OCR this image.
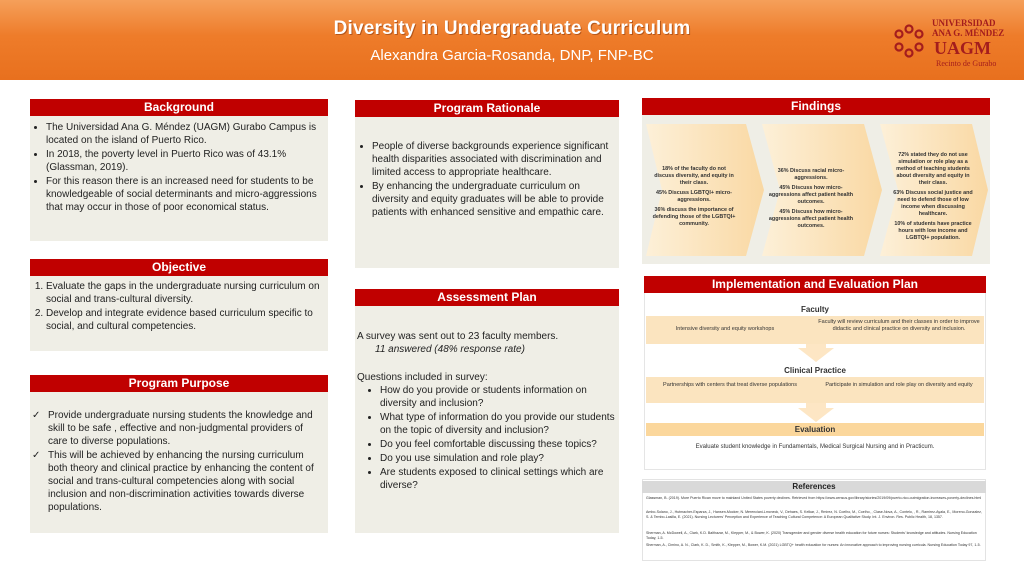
Diversity in Undergraduate Curriculum
Alexandra Garcia-Rosanda, DNP, FNP-BC
UNIVERSIDAD
ANA G. MÉNDEZ
UAGM
Recinto de Gurabo
Background
• The Universidad Ana G. Méndez (UAGM) Gurabo Campus is located on the island of Puerto Rico.
• In 2018, the poverty level in Puerto Rico was of 43.1% (Glassman, 2019).
• For this reason there is an increased need for students to be knowledgeable of social determinants and micro-aggressions that may occur in those of poor economical status.
Objective
1. Evaluate the gaps in the undergraduate nursing curriculum on social and trans-cultural diversity.
2. Develop and integrate evidence based curriculum specific to social, and cultural competencies.
Program Purpose
✓ Provide undergraduate nursing students the knowledge and skill to be safe , effective and non-judgmental providers of care to diverse populations.
✓ This will be achieved by enhancing the nursing curriculum both theory and clinical practice by enhancing the content of social and trans-cultural competencies along with social inclusion and non-discrimination activities towards diverse populations.
Program Rationale
• People of diverse backgrounds experience significant health disparities associated with discrimination and limited access to appropriate healthcare.
• By enhancing the undergraduate curriculum on diversity and equity graduates will be able to provide patients with enhanced sensitive and empathic care.
Assessment Plan
A survey was sent out to 23 faculty members.
11 answered (48% response rate)
Questions included in survey:
• How do you provide or students information on diversity and inclusion?
• What type of information do you provide our students on the topic of diversity and inclusion?
• Do you feel comfortable discussing these topics?
• Do you use simulation and role play?
• Are students exposed to clinical settings which are diverse?
Findings
18% of the faculty do not discuss diversity, and equity in their class.
45% Discuss LGBTQI+ micro-aggressions.
36% discuss the importance of defending those of the LGBTQI+ community.
36% Discuss racial micro-aggressions.
45% Discuss how micro-aggressions affect patient health outcomes.
45% Discuss how micro-aggressions affect patient health outcomes.
72% stated they do not use simulation or role play as a method of teaching students about diversity and equity in their class.
63% Discuss social justice and need to defend those of low income when discussing healthcare.
10% of students have practice hours with low income and LGBTQI+ population.
Implementation and Evaluation Plan
Faculty
Intensive diversity and equity workshops
Faculty will review curriculum and their classes in order to improve didactic and clinical practice on diversity and inclusion.
Clinical Practice
Partnerships with centers that treat diverse populations	Participate in simulation and role play on diversity and equity
Evaluation
Evaluate student knowledge in Fundamentals, Medical Surgical Nursing and in Practicum.
References
Glassman, B. (2019). More Puerto Rican move to mainland United States poverty declines. Retrieved from https://www.census.gov/library/stories/2019/09/puerto-rico-outmigration-increases-poverty-declines.html
Ambo-Solano, J., Hutmacher-Esparza, J., Hansen-Mocker, N. Merenciani-Lmcneck, V., Dehaes, S. Kelkar, J., Rmirez, N. Coelho, M., Coelho, , Clase-Nova, A., Contelo, , R., Ramirez-Ayala, E., Moreno-Gonzalez, S. & Tembo-Lasilla, E. (2021). Nursing Lecturers' Perception and Experience of Teaching Cultural Competence: A European Qualitative Study. Int. J. Environ. Res. Public Health, 18, 1357.
Sherman, A. McDowell, A., Clark, K.D. Balthazar, M., Klepper, M., & Bower, K. (2020) Transgender and gender diverse health education for future nurses: Students' knowledge and attitudes. Nursing Education Today, 1-5.
Sherman, A., Cimino, A. N., Clark, K. D., Smith, K., Klepper, M., Bower, K.M. (2021) LGBTQ+ health education for nurses: An innovative approach to improving nursing curricula. Nursing Education Today 97, 1-5.
